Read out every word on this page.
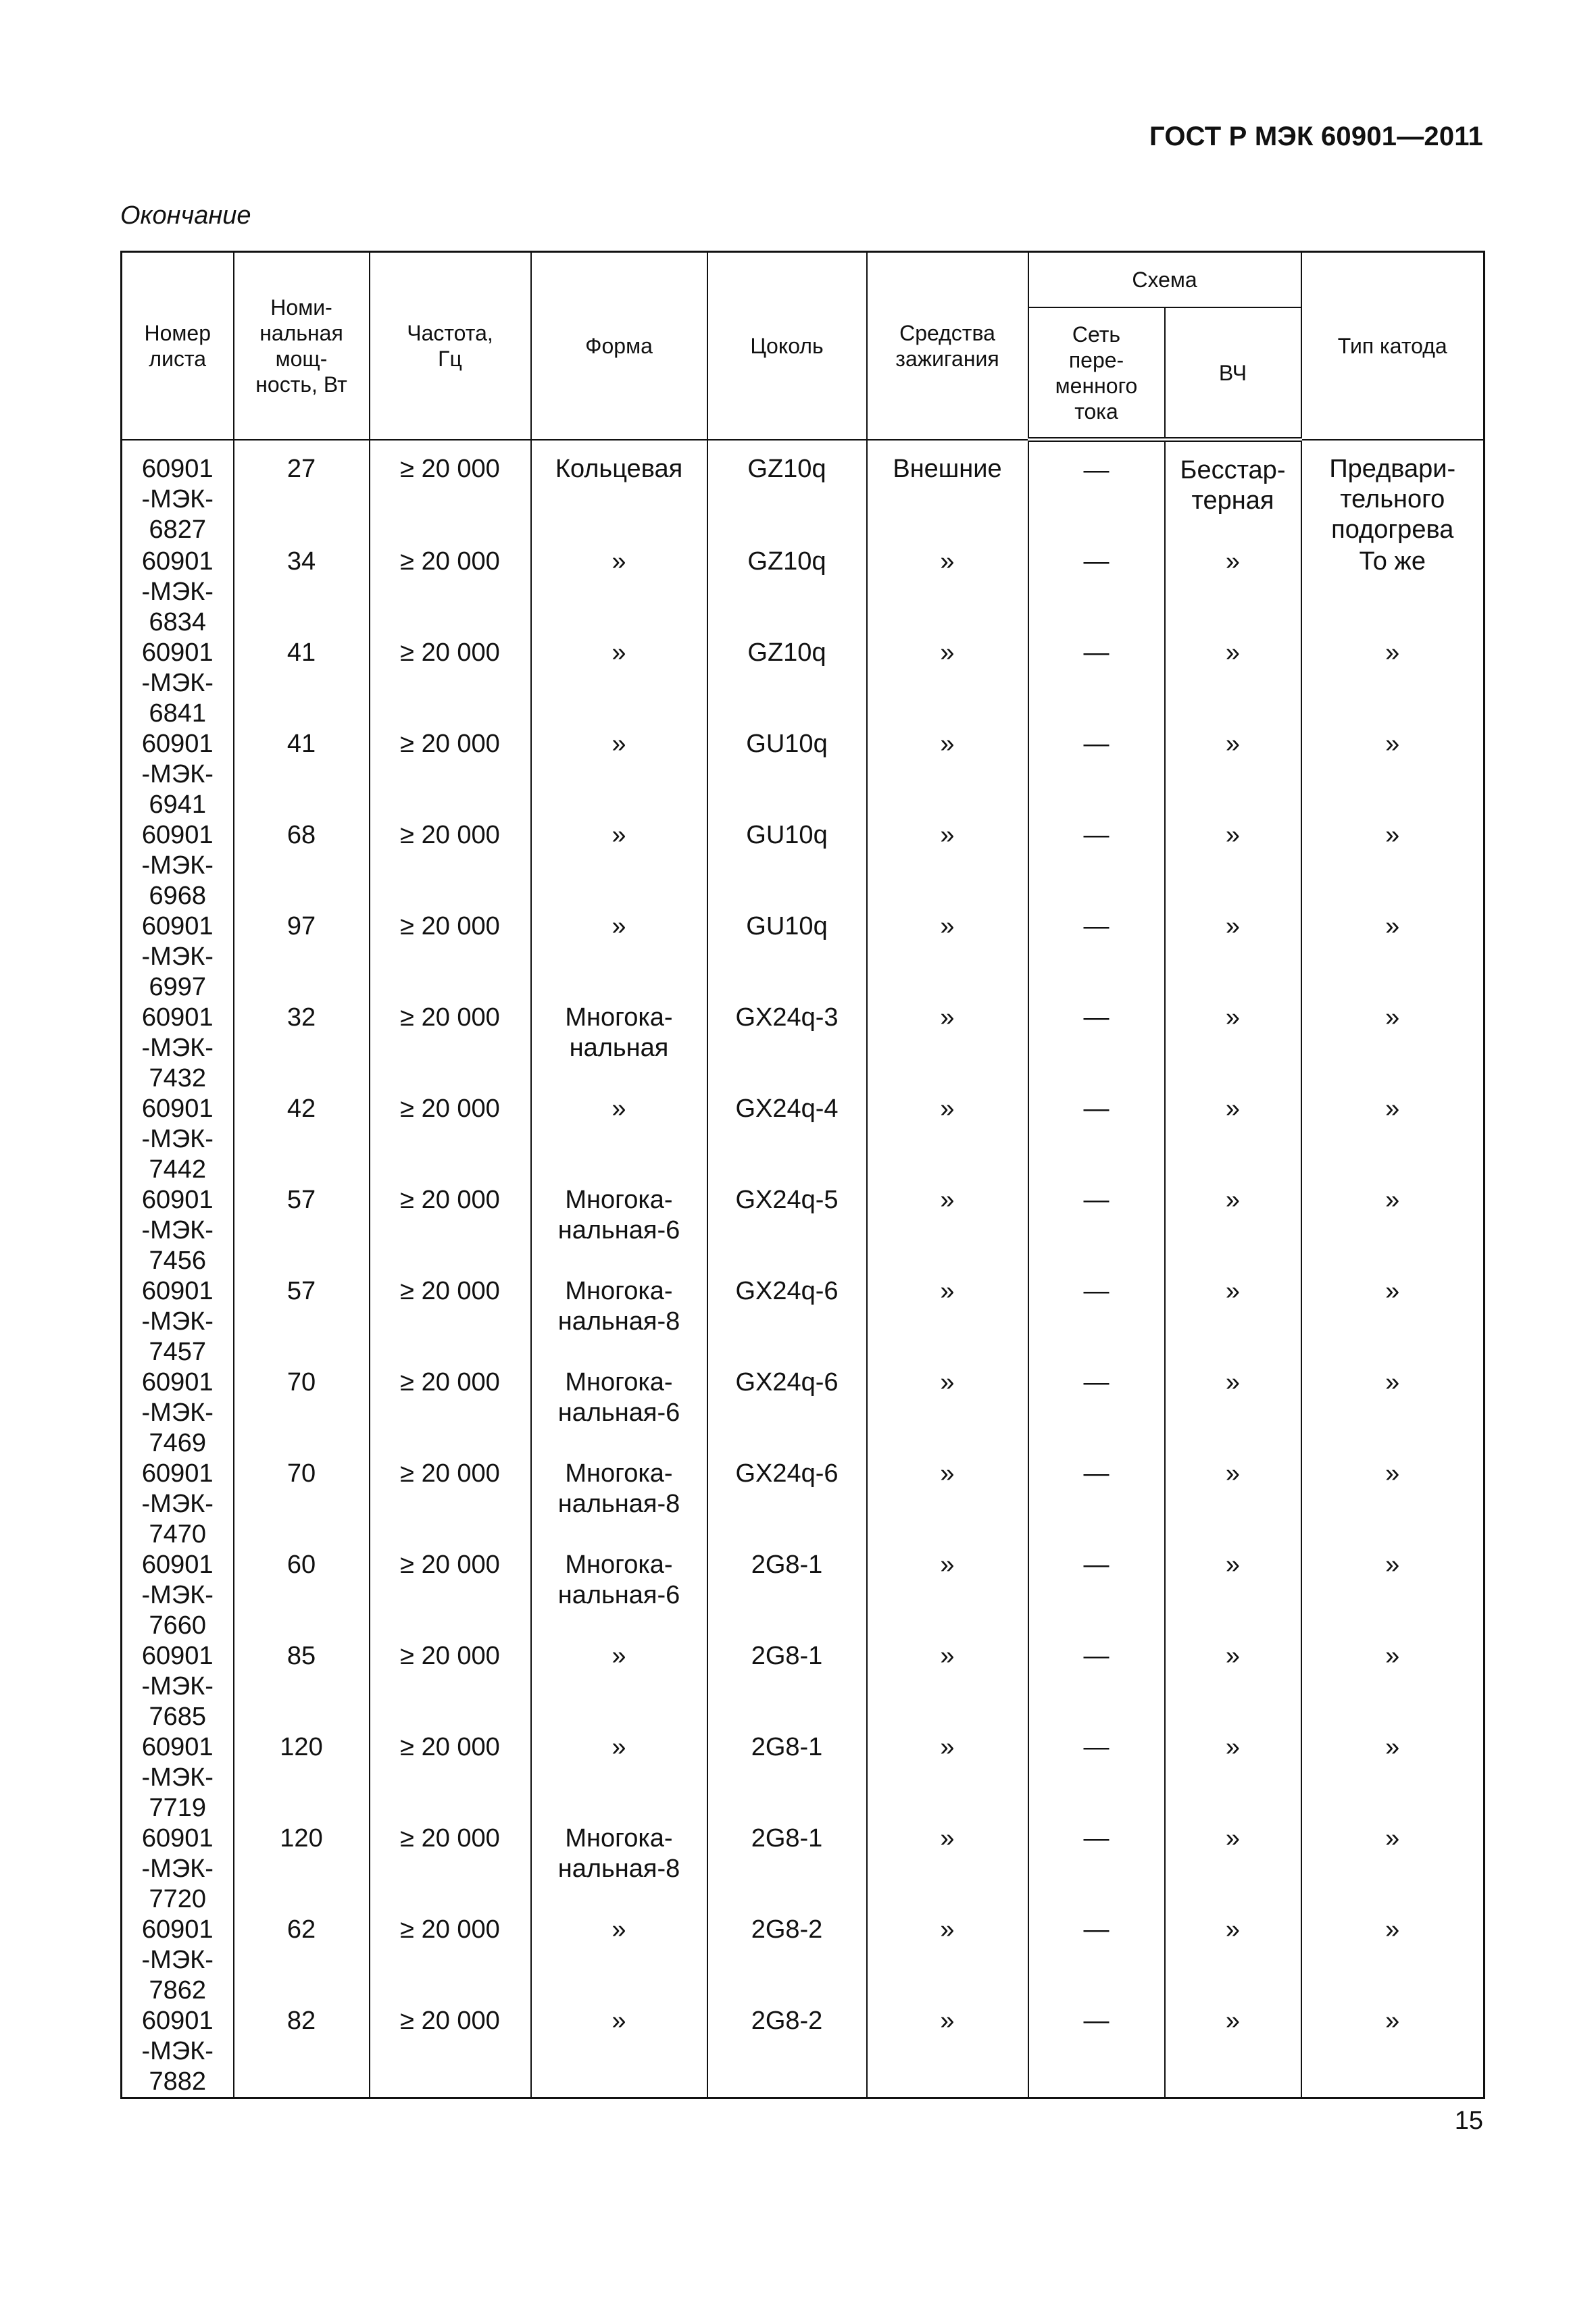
ГОСТ Р МЭК 60901—2011
Окончание
Номер листа	Номи-
нальная
мощ-
ность, Вт	Частота,
Гц	Форма	Цоколь	Средства
зажигания	Схема		Тип катода

						Сеть
пере-
менного
тока	ВЧ	

60901
-МЭК-
6827	27	≥ 20 000	Кольцевая	GZ10q	Внешние	—	Бесстар-
терная	Предвари-
тельного
подогрева
60901
-МЭК-
6834	34	≥ 20 000	»	GZ10q	»	—	»	То же
60901
-МЭК-
6841	41	≥ 20 000	»	GZ10q	»	—	»	»
60901
-МЭК-
6941	41	≥ 20 000	»	GU10q	»	—	»	»
60901
-МЭК-
6968	68	≥ 20 000	»	GU10q	»	—	»	»
60901
-МЭК-
6997	97	≥ 20 000	»	GU10q	»	—	»	»
60901
-МЭК-
7432	32	≥ 20 000	Многока-
нальная	GX24q-3	»	—	»	»
60901
-МЭК-
7442	42	≥ 20 000	»	GX24q-4	»	—	»	»
60901
-МЭК-
7456	57	≥ 20 000	Многока-
нальная-6	GX24q-5	»	—	»	»
60901
-МЭК-
7457	57	≥ 20 000	Многока-
нальная-8	GX24q-6	»	—	»	»
60901
-МЭК-
7469	70	≥ 20 000	Многока-
нальная-6	GX24q-6	»	—	»	»
60901
-МЭК-
7470	70	≥ 20 000	Многока-
нальная-8	GX24q-6	»	—	»	»
60901
-МЭК-
7660	60	≥ 20 000	Многока-
нальная-6	2G8-1	»	—	»	»
60901
-МЭК-
7685	85	≥ 20 000	»	2G8-1	»	—	»	»
60901
-МЭК-
7719	120	≥ 20 000	»	2G8-1	»	—	»	»
60901
-МЭК-
7720	120	≥ 20 000	Многока-
нальная-8	2G8-1	»	—	»	»
60901
-МЭК-
7862	62	≥ 20 000	»	2G8-2	»	—	»	»
60901
-МЭК-
7882	82	≥ 20 000	»	2G8-2	»	—	»	»
15
